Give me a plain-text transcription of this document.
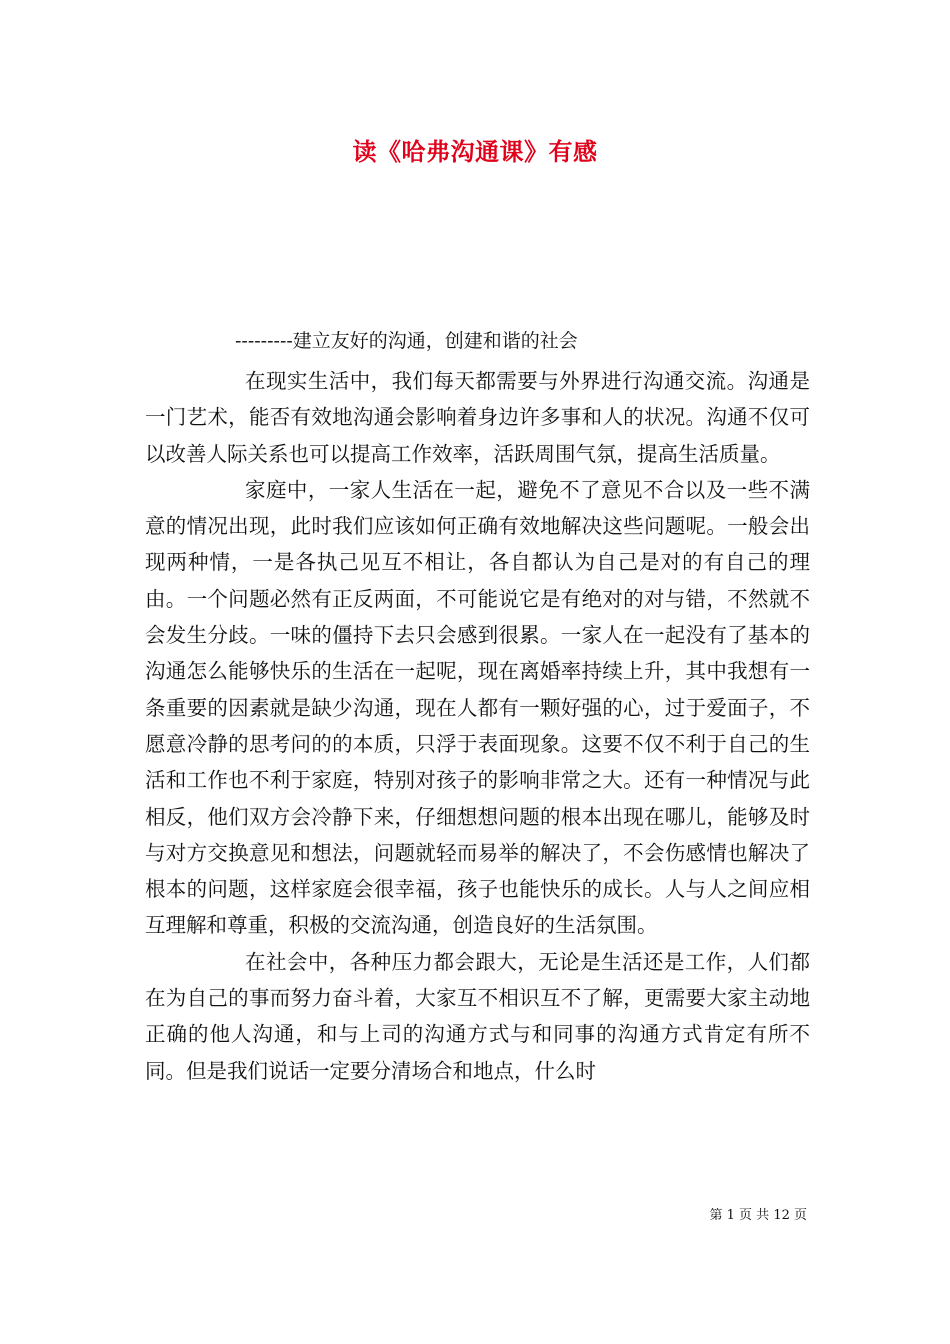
读《哈弗沟通课》有感
---------建立友好的沟通，创建和谐的社会

在现实生活中，我们每天都需要与外界进行沟通交流。沟通是一门艺术，能否有效地沟通会影响着身边许多事和人的状况。沟通不仅可以改善人际关系也可以提高工作效率，活跃周围气氛，提高生活质量。

家庭中，一家人生活在一起，避免不了意见不合以及一些不满意的情况出现，此时我们应该如何正确有效地解决这些问题呢。一般会出现两种情，一是各执己见互不相让，各自都认为自己是对的有自己的理由。一个问题必然有正反两面，不可能说它是有绝对的对与错，不然就不会发生分歧。一味的僵持下去只会感到很累。一家人在一起没有了基本的沟通怎么能够快乐的生活在一起呢，现在离婚率持续上升，其中我想有一条重要的因素就是缺少沟通，现在人都有一颗好强的心，过于爱面子，不愿意冷静的思考问的的本质，只浮于表面现象。这要不仅不利于自己的生活和工作也不利于家庭，特别对孩子的影响非常之大。还有一种情况与此相反，他们双方会冷静下来，仔细想想问题的根本出现在哪儿，能够及时与对方交换意见和想法，问题就轻而易举的解决了，不会伤感情也解决了根本的问题，这样家庭会很幸福，孩子也能快乐的成长。人与人之间应相互理解和尊重，积极的交流沟通，创造良好的生活氛围。

在社会中，各种压力都会跟大，无论是生活还是工作，人们都在为自己的事而努力奋斗着，大家互不相识互不了解，更需要大家主动地正确的他人沟通，和与上司的沟通方式与和同事的沟通方式肯定有所不同。但是我们说话一定要分清场合和地点，什么时

第 1 页 共 12 页
